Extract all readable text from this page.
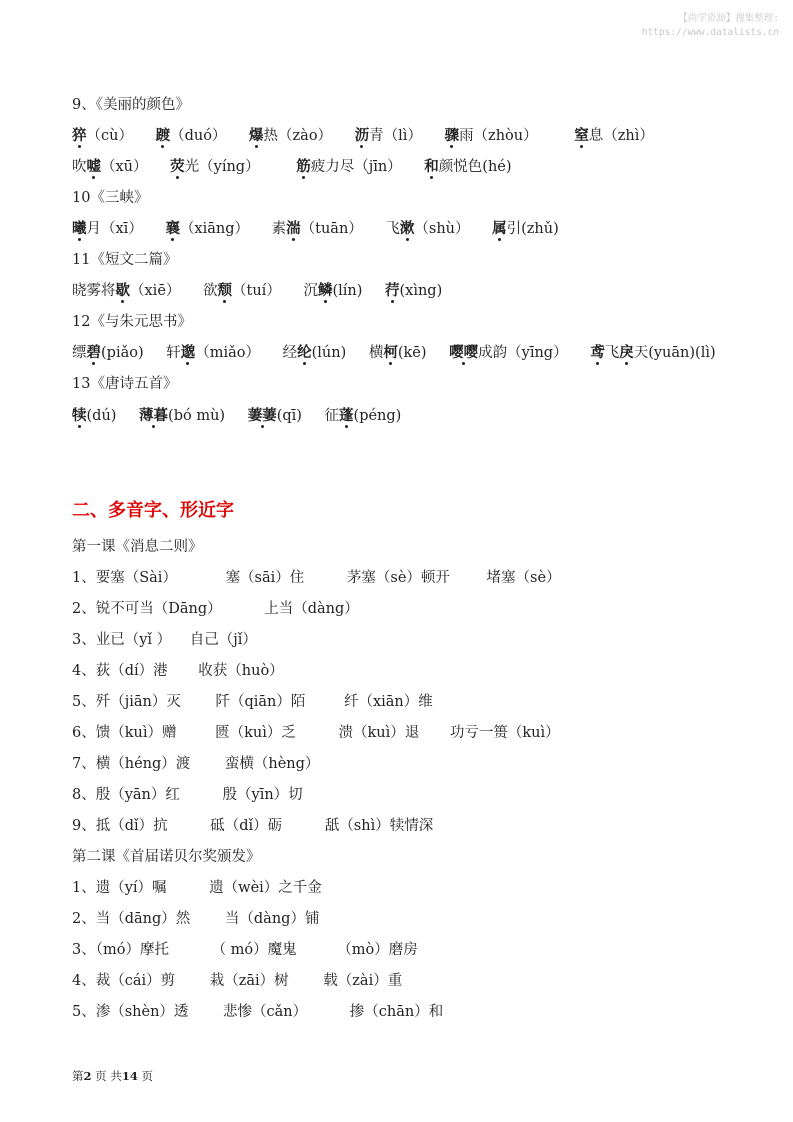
【尚学资源】搜集整理:
https://www.datalists.cn
9、《美丽的颜色》
猝（cù） 踱（duó） 爆热（zào） 沥青（lì） 骤雨（zhòu）	窒息（zhì）
吹嘘（xū） 荧光（yíng）	筋疲力尽（jīn） 和颜悦色(hé)
10《三峡》
曦月（xī） 襄（xiāng） 素湍（tuān） 飞漱（shù） 属引(zhǔ)
11《短文二篇》
晓雾将歇（xiē） 欲颓（tuí） 沉鳞(lín) 荇(xìng)
12《与朱元思书》
缥碧(piǎo) 轩邈（miǎo） 经纶(lún) 横柯(kē) 嘤嘤成韵（yīng） 鸢飞戾天(yuān)(lì)
13《唐诗五首》
犊(dú) 薄暮(bó mù) 萋萋(qī) 征蓬(péng)
二、多音字、形近字
第一课《消息二则》
1、要塞（Sài）	塞（sāi）住	茅塞（sè）顿开	堵塞（sè）
2、锐不可当（Dāng）	上当（dàng）
3、业已（yǐ ） 自己（jǐ）
4、荻（dí）港 收获（huò）
5、歼（jiān）灭 阡（qiān）陌	纤（xiān）维
6、馈（kuì）赠	匮（kuì）乏	溃（kuì）退 功亏一篑（kuì）
7、横（héng）渡 蛮横（hèng）
8、殷（yān）红	殷（yīn）切
9、抵（dǐ）抗	砥（dǐ）砺	舐（shì）犊情深
第二课《首届诺贝尔奖颁发》
1、遗（yí）嘱	遗（wèi）之千金
2、当（dāng）然 当（dàng）铺
3、（mó）摩托	（ mó）魔鬼	（mò）磨房
4、裁（cái）剪 栽（zāi）树 载（zài）重
5、渗（shèn）透 悲惨（cǎn）	掺（chān）和
第2 页 共14 页
